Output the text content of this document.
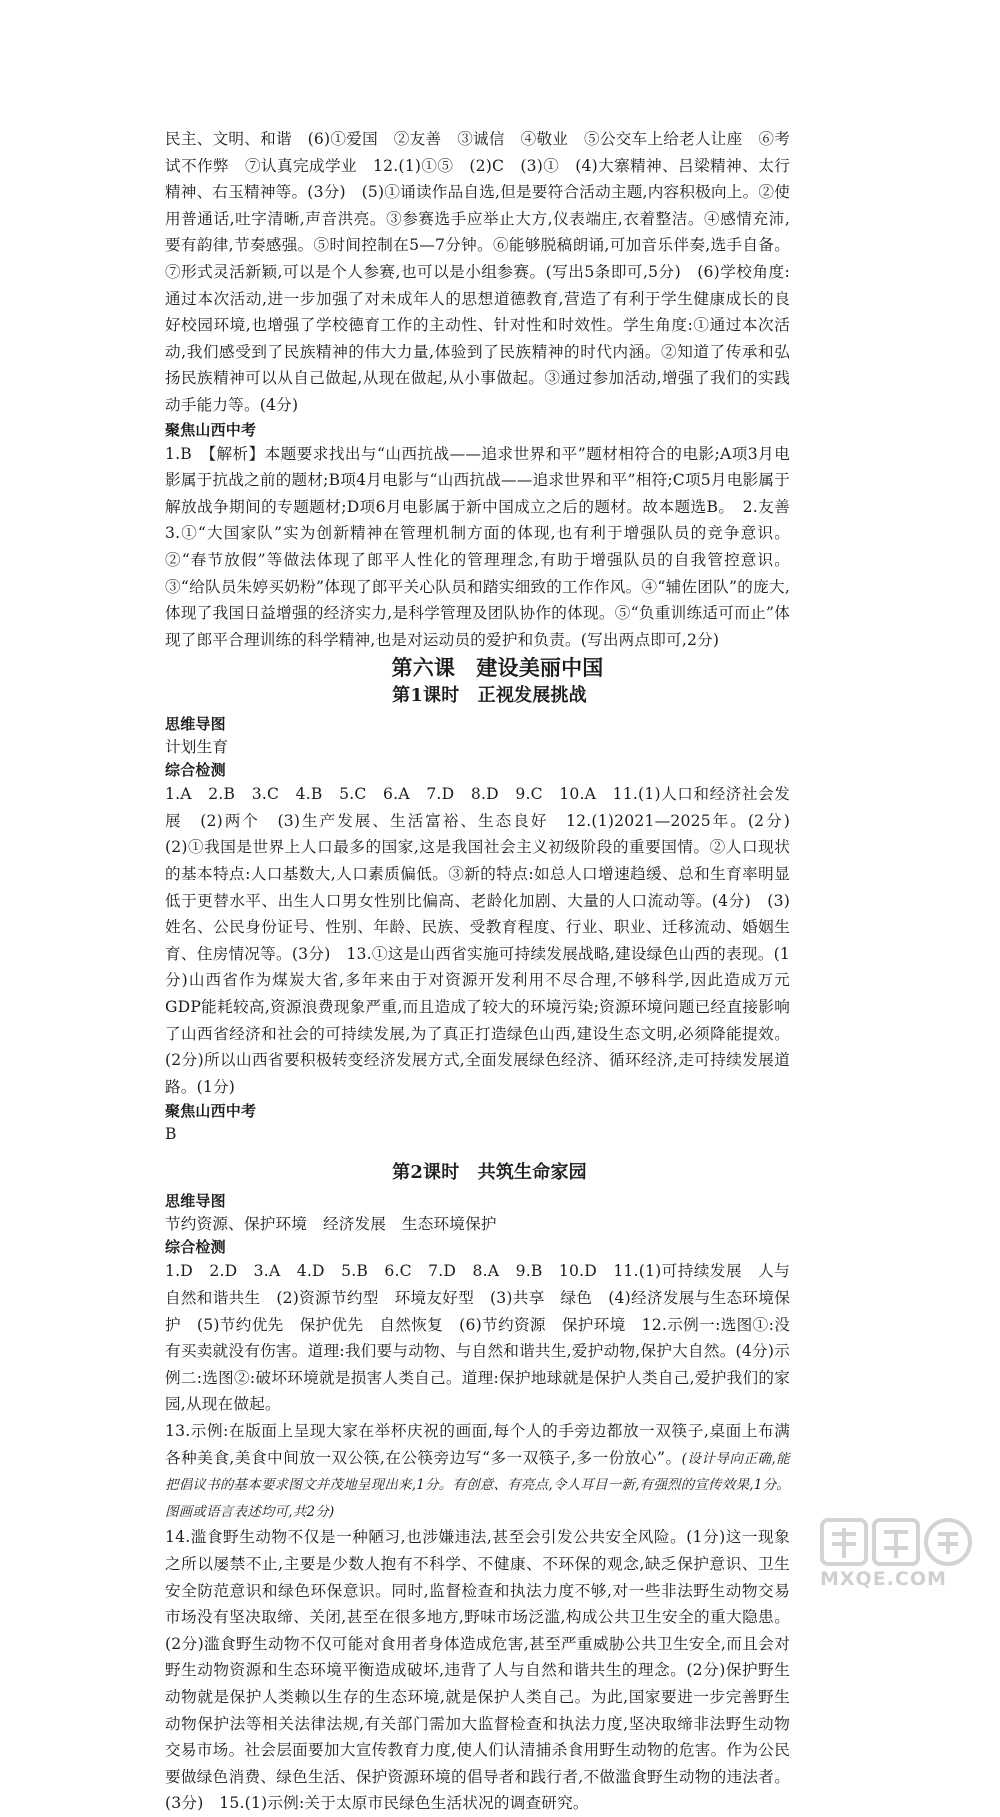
民主、文明、和谐　(6)①爱国　②友善　③诚信　④敬业　⑤公交车上给老人让座　⑥考试不作弊　⑦认真完成学业　12.(1)①⑤　(2)C　(3)①　(4)大寨精神、吕梁精神、太行精神、右玉精神等。(3分)　(5)①诵读作品自选,但是要符合活动主题,内容积极向上。②使用普通话,吐字清晰,声音洪亮。③参赛选手应举止大方,仪表端庄,衣着整洁。④感情充沛,要有韵律,节奏感强。⑤时间控制在5—7分钟。⑥能够脱稿朗诵,可加音乐伴奏,选手自备。⑦形式灵活新颖,可以是个人参赛,也可以是小组参赛。(写出5条即可,5分)　(6)学校角度:通过本次活动,进一步加强了对未成年人的思想道德教育,营造了有利于学生健康成长的良好校园环境,也增强了学校德育工作的主动性、针对性和时效性。学生角度:①通过本次活动,我们感受到了民族精神的伟大力量,体验到了民族精神的时代内涵。②知道了传承和弘扬民族精神可以从自己做起,从现在做起,从小事做起。③通过参加活动,增强了我们的实践动手能力等。(4分)

聚焦山西中考

1.B　【解析】本题要求找出与“山西抗战——追求世界和平”题材相符合的电影;A项3月电影属于抗战之前的题材;B项4月电影与“山西抗战——追求世界和平”相符;C项5月电影属于解放战争期间的专题题材;D项6月电影属于新中国成立之后的题材。故本题选B。　2.友善　3.①“大国家队”实为创新精神在管理机制方面的体现,也有利于增强队员的竞争意识。②“春节放假”等做法体现了郎平人性化的管理理念,有助于增强队员的自我管控意识。③“给队员朱婷买奶粉”体现了郎平关心队员和踏实细致的工作作风。④“辅佐团队”的庞大,体现了我国日益增强的经济实力,是科学管理及团队协作的体现。⑤“负重训练适可而止”体现了郎平合理训练的科学精神,也是对运动员的爱护和负责。(写出两点即可,2分)

第六课　建设美丽中国

第1课时　正视发展挑战

思维导图

计划生育

综合检测

1.A　2.B　3.C　4.B　5.C　6.A　7.D　8.D　9.C　10.A　11.(1)人口和经济社会发展　(2)两个　(3)生产发展、生活富裕、生态良好　12.(1)2021—2025年。(2分)　(2)①我国是世界上人口最多的国家,这是我国社会主义初级阶段的重要国情。②人口现状的基本特点:人口基数大,人口素质偏低。③新的特点:如总人口增速趋缓、总和生育率明显低于更替水平、出生人口男女性别比偏高、老龄化加剧、大量的人口流动等。(4分)　(3)姓名、公民身份证号、性别、年龄、民族、受教育程度、行业、职业、迁移流动、婚姻生育、住房情况等。(3分)　13.①这是山西省实施可持续发展战略,建设绿色山西的表现。(1分)山西省作为煤炭大省,多年来由于对资源开发利用不尽合理,不够科学,因此造成万元GDP能耗较高,资源浪费现象严重,而且造成了较大的环境污染;资源环境问题已经直接影响了山西省经济和社会的可持续发展,为了真正打造绿色山西,建设生态文明,必须降能提效。(2分)所以山西省要积极转变经济发展方式,全面发展绿色经济、循环经济,走可持续发展道路。(1分)

聚焦山西中考

B

第2课时　共筑生命家园

思维导图

节约资源、保护环境　经济发展　生态环境保护

综合检测

1.D　2.D　3.A　4.D　5.B　6.C　7.D　8.A　9.B　10.D　11.(1)可持续发展　人与自然和谐共生　(2)资源节约型　环境友好型　(3)共享　绿色　(4)经济发展与生态环境保护　(5)节约优先　保护优先　自然恢复　(6)节约资源　保护环境　12.示例一:选图①:没有买卖就没有伤害。道理:我们要与动物、与自然和谐共生,爱护动物,保护大自然。(4分)示例二:选图②:破坏环境就是损害人类自己。道理:保护地球就是保护人类自己,爱护我们的家园,从现在做起。

13.示例:在版面上呈现大家在举杯庆祝的画面,每个人的手旁边都放一双筷子,桌面上布满各种美食,美食中间放一双公筷,在公筷旁边写“多一双筷子,多一份放心”。(设计导向正确,能把倡议书的基本要求图文并茂地呈现出来,1分。有创意、有亮点,令人耳目一新,有强烈的宣传效果,1分。图画或语言表述均可,共2分)

14.滥食野生动物不仅是一种陋习,也涉嫌违法,甚至会引发公共安全风险。(1分)这一现象之所以屡禁不止,主要是少数人抱有不科学、不健康、不环保的观念,缺乏保护意识、卫生安全防范意识和绿色环保意识。同时,监督检查和执法力度不够,对一些非法野生动物交易市场没有坚决取缔、关闭,甚至在很多地方,野味市场泛滥,构成公共卫生安全的重大隐患。(2分)滥食野生动物不仅可能对食用者身体造成危害,甚至严重威胁公共卫生安全,而且会对野生动物资源和生态环境平衡造成破坏,违背了人与自然和谐共生的理念。(2分)保护野生动物就是保护人类赖以生存的生态环境,就是保护人类自己。为此,国家要进一步完善野生动物保护法等相关法律法规,有关部门需加大监督检查和执法力度,坚决取缔非法野生动物交易市场。社会层面要加大宣传教育力度,使人们认清捕杀食用野生动物的危害。作为公民要做绿色消费、绿色生活、保护资源环境的倡导者和践行者,不做滥食野生动物的违法者。(3分)　15.(1)示例:关于太原市民绿色生活状况的调查研究。

MXQE.COM
